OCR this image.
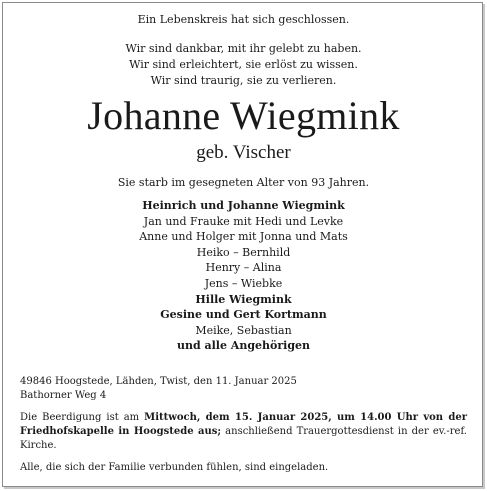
Ein Lebenskreis hat sich geschlossen.
Wir sind dankbar, mit ihr gelebt zu haben.
Wir sind erleichtert, sie erlöst zu wissen.
Wir sind traurig, sie zu verlieren.
Johanne Wiegmink
geb. Vischer
Sie starb im gesegneten Alter von 93 Jahren.
Heinrich und Johanne Wiegmink
Jan und Frauke mit Hedi und Levke
Anne und Holger mit Jonna und Mats
Heiko – Bernhild
Henry – Alina
Jens – Wiebke
Hille Wiegmink
Gesine und Gert Kortmann
Meike, Sebastian
und alle Angehörigen
49846 Hoogstede, Lähden, Twist, den 11. Januar 2025
Bathorner Weg 4
Die Beerdigung ist am Mittwoch, dem 15. Januar 2025, um 14.00 Uhr von der Friedhofskapelle in Hoogstede aus; anschließend Trauergottesdienst in der ev.-ref. Kirche.
Alle, die sich der Familie verbunden fühlen, sind eingeladen.
